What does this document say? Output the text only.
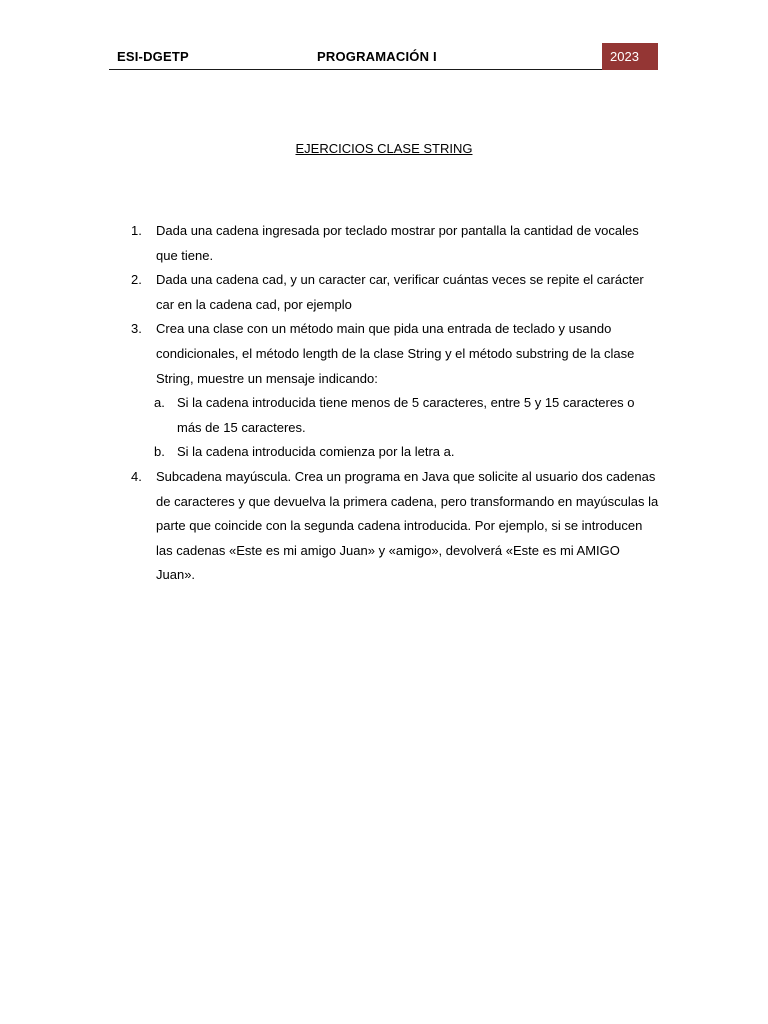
ESI-DGETP	PROGRAMACIÓN I	2023
EJERCICIOS CLASE STRING
1. Dada una cadena ingresada por teclado mostrar por pantalla la cantidad de vocales que tiene.
2. Dada una cadena cad, y un caracter car, verificar cuántas veces se repite el carácter car en la cadena cad, por ejemplo
3. Crea una clase con un método main que pida una entrada de teclado y usando condicionales, el método length de la clase String y el método substring de la clase String, muestre un mensaje indicando:
a. Si la cadena introducida tiene menos de 5 caracteres, entre 5 y 15 caracteres o más de 15 caracteres.
b. Si la cadena introducida comienza por la letra a.
4. Subcadena mayúscula. Crea un programa en Java que solicite al usuario dos cadenas de caracteres y que devuelva la primera cadena, pero transformando en mayúsculas la parte que coincide con la segunda cadena introducida. Por ejemplo, si se introducen las cadenas «Este es mi amigo Juan» y «amigo», devolverá «Este es mi AMIGO Juan».
